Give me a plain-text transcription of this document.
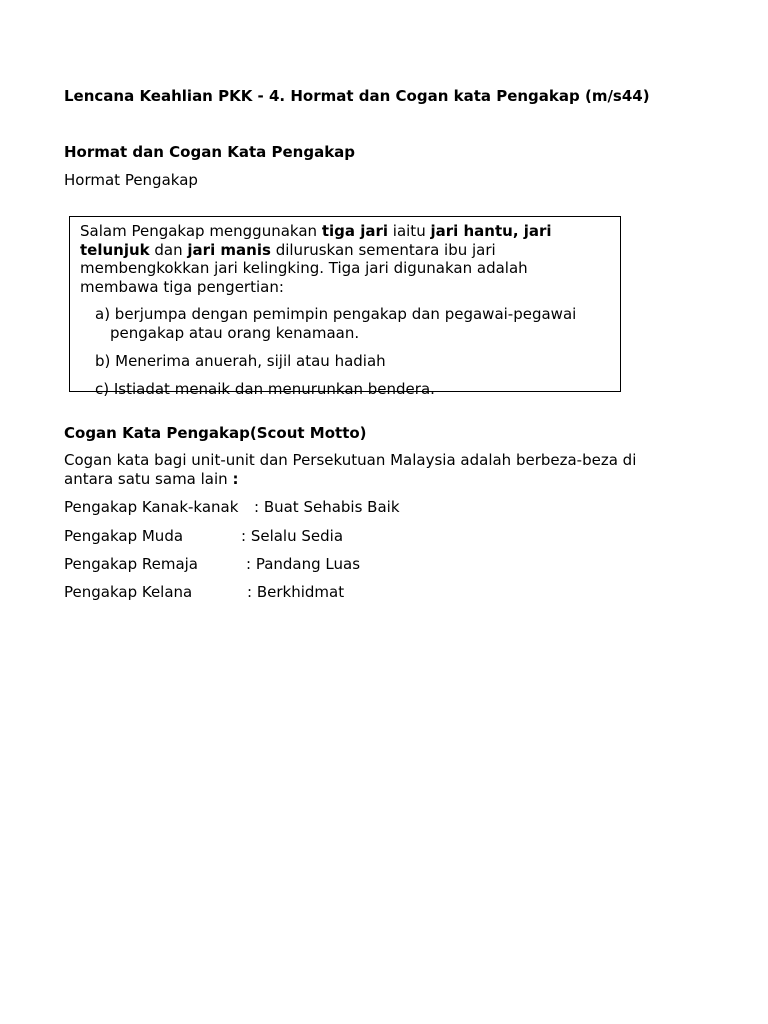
Lencana Keahlian PKK - 4. Hormat dan Cogan kata Pengakap (m/s44)
Hormat dan Cogan Kata Pengakap
Hormat Pengakap

Salam Pengakap menggunakan tiga jari iaitu jari hantu, jari telunjuk dan jari manis diluruskan sementara ibu jari membengkokkan jari kelingking. Tiga jari digunakan adalah membawa tiga pengertian:

a) berjumpa dengan pemimpin pengakap dan pegawai-pegawai pengakap atau orang kenamaan.
b) Menerima anuerah, sijil atau hadiah
c) Istiadat menaik dan menurunkan bendera.
Cogan Kata Pengakap(Scout Motto)
Cogan kata bagi unit-unit dan Persekutuan Malaysia adalah berbeza-beza di antara satu sama lain :
Pengakap Kanak-kanak : Buat Sehabis Baik
Pengakap Muda	: Selalu Sedia
Pengakap Remaja	: Pandang Luas
Pengakap Kelana	: Berkhidmat
